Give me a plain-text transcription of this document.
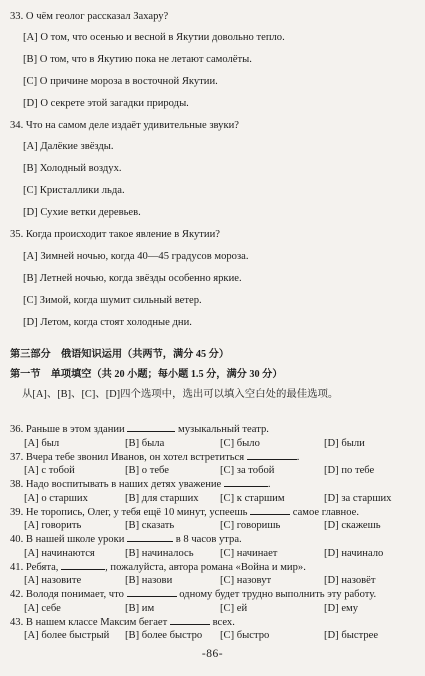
33. О чём геолог рассказал Захару?
[A] О том, что осенью и весной в Якутии довольно тепло.
[B] О том, что в Якутию пока не летают самолёты.
[C] О причине мороза в восточной Якутии.
[D] О секрете этой загадки природы.
34. Что на самом деле издаёт удивительные звуки?
[A] Далёкие звёзды.
[B] Холодный воздух.
[C] Кристаллики льда.
[D] Сухие ветки деревьев.
35. Когда происходит такое явление в Якутии?
[A] Зимней ночью, когда 40—45 градусов мороза.
[B] Летней ночью, когда звёзды особенно яркие.
[C] Зимой, когда шумит сильный ветер.
[D] Летом, когда стоят холодные дни.
第三部分　俄语知识运用（共两节，满分 45 分）
第一节　单项填空（共 20 小题；每小题 1.5 分，满分 30 分）
从[A]、[B]、[C]、[D]四个选项中，选出可以填入空白处的最佳选项。
36. Раньше в этом здании	музыкальный театр.
[A] был	[B] была	[C] было	[D] были
37. Вчера тебе звонил Иванов, он хотел встретиться	.
[A] с тобой	[B] о тебе	[C] за тобой	[D] по тебе
38. Надо воспитывать в наших детях уважение	.
[A] о старших	[B] для старших [C] к старшим	[D] за старших
39. Не торопись, Олег, у тебя ещё 10 минут, успеешь	самое главное.
[A] говорить	[B] сказать	[C] говоришь	[D] скажешь
40. В нашей школе уроки	в 8 часов утра.
[A] начинаются	[B] начиналось [C] начинает	[D] начинало
41. Ребята,	, пожалуйста, автора романа «Война и мир».
[A] назовите	[B] назови	[C] назовут	[D] назовёт
42. Володя понимает, что	одному будет трудно выполнить эту работу.
[A] себе	[B] им	[C] ей	[D] ему
43. В нашем классе Максим бегает	всех.
[A] более быстрый [B] более быстро [C] быстро	[D] быстрее
-86-
